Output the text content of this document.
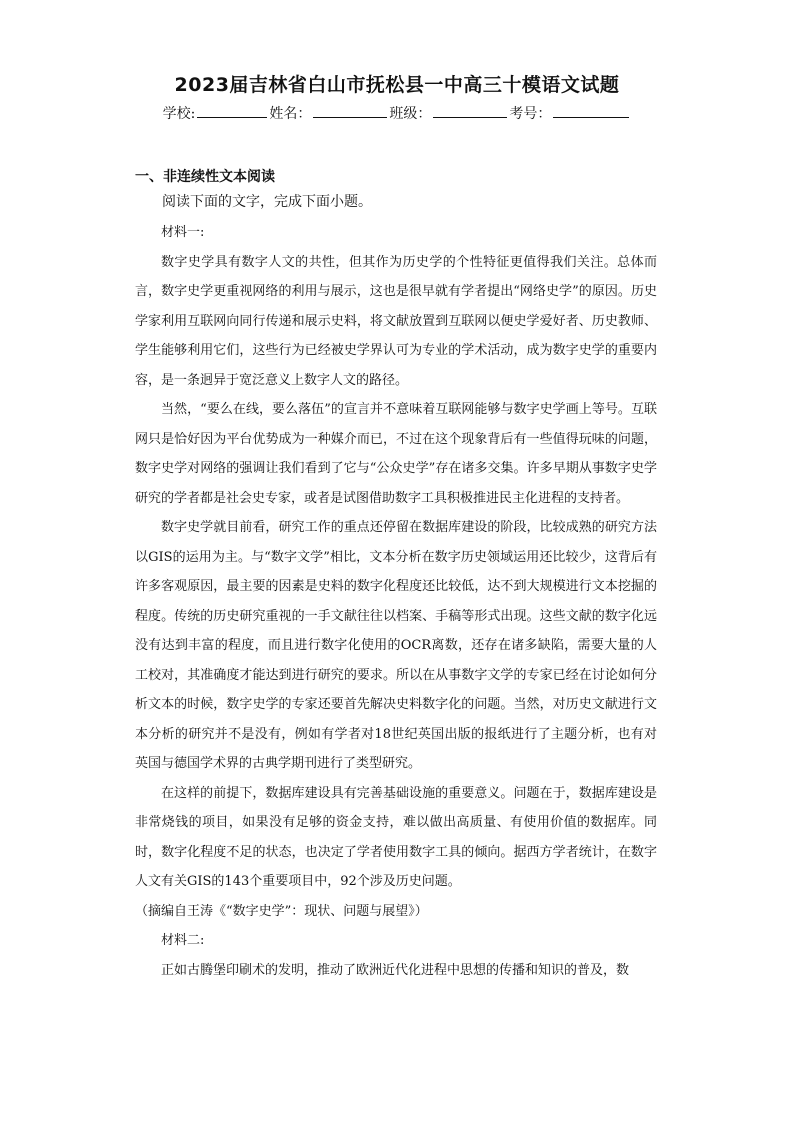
2023届吉林省白山市抚松县一中高三十模语文试题
学校:	姓名：	班级：	考号：
一、非连续性文本阅读
阅读下面的文字，完成下面小题。

材料一:

数字史学具有数字人文的共性，但其作为历史学的个性特征更值得我们关注。总体而言，数字史学更重视网络的利用与展示，这也是很早就有学者提出“网络史学”的原因。历史学家利用互联网向同行传递和展示史料，将文献放置到互联网以便史学爱好者、历史教师、学生能够利用它们，这些行为已经被史学界认可为专业的学术活动，成为数字史学的重要内容，是一条迥异于宽泛意义上数字人文的路径。

当然，“要么在线，要么落伍”的宣言并不意味着互联网能够与数字史学画上等号。互联网只是恰好因为平台优势成为一种媒介而已，不过在这个现象背后有一些值得玩味的问题，数字史学对网络的强调让我们看到了它与“公众史学”存在诸多交集。许多早期从事数字史学研究的学者都是社会史专家，或者是试图借助数字工具积极推进民主化进程的支持者。

数字史学就目前看，研究工作的重点还停留在数据库建设的阶段，比较成熟的研究方法以GIS的运用为主。与“数字文学”相比，文本分析在数字历史领域运用还比较少，这背后有许多客观原因，最主要的因素是史料的数字化程度还比较低，达不到大规模进行文本挖掘的程度。传统的历史研究重视的一手文献往往以档案、手稿等形式出现。这些文献的数字化远没有达到丰富的程度，而且进行数字化使用的OCR离数，还存在诸多缺陷，需要大量的人工校对，其准确度才能达到进行研究的要求。所以在从事数字文学的专家已经在讨论如何分析文本的时候，数字史学的专家还要首先解决史料数字化的问题。当然，对历史文献进行文本分析的研究并不是没有，例如有学者对18世纪英国出版的报纸进行了主题分析，也有对英国与德国学术界的古典学期刊进行了类型研究。

在这样的前提下，数据库建设具有完善基础设施的重要意义。问题在于，数据库建设是非常烧钱的项目，如果没有足够的资金支持，难以做出高质量、有使用价值的数据库。同时，数字化程度不足的状态，也决定了学者使用数字工具的倾向。据西方学者统计，在数字人文有关GIS的143个重要项目中，92个涉及历史问题。

（摘编自王涛《“数字史学”：现状、问题与展望》）

材料二:

正如古腾堡印刷术的发明，推动了欧洲近代化进程中思想的传播和知识的普及，数
